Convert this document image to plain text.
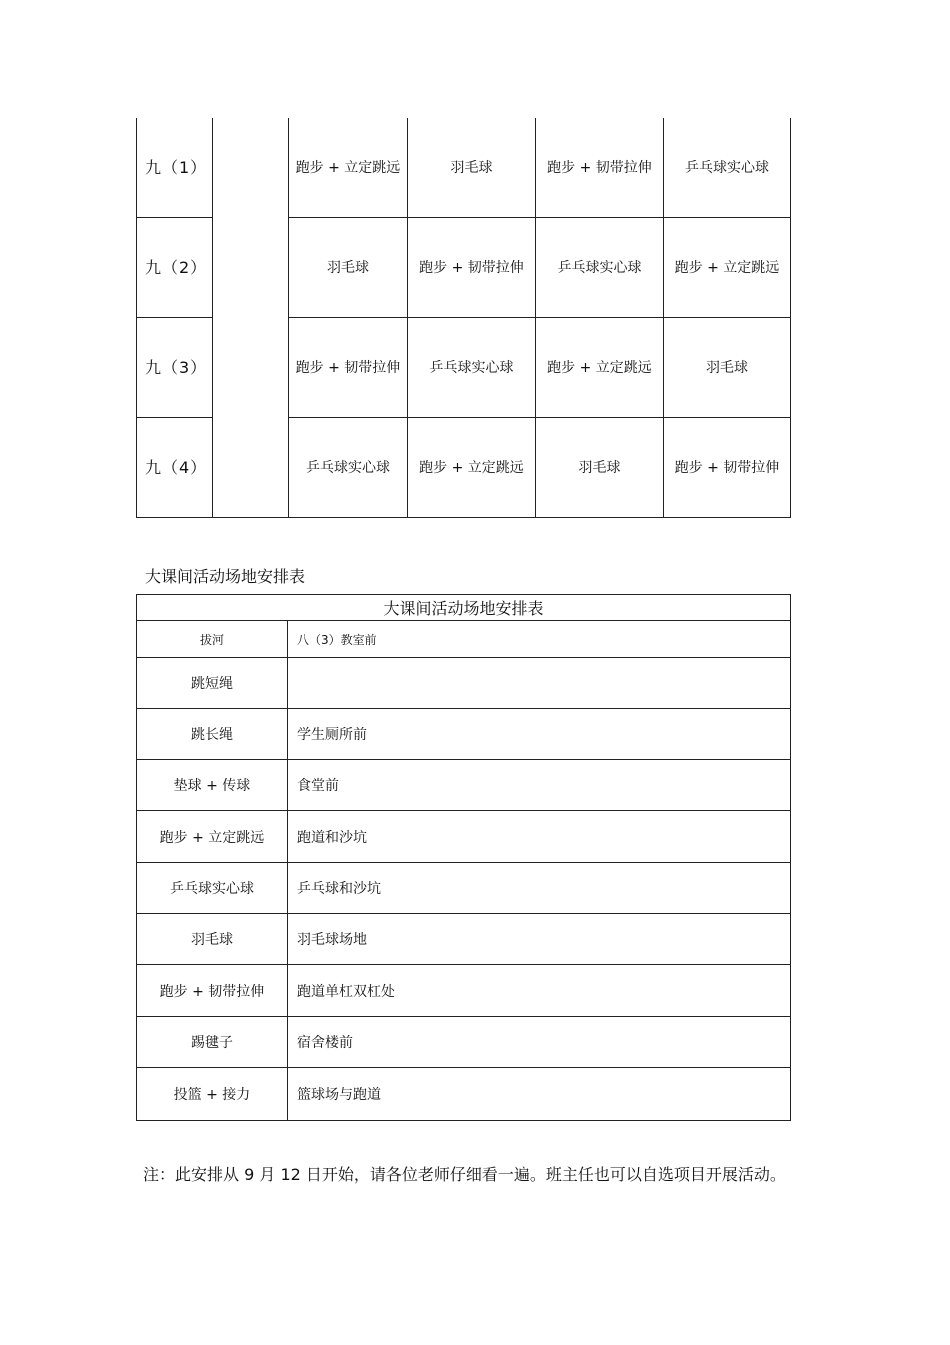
九（1）		跑步 + 立定跳远	羽毛球	跑步 + 韧带拉伸	乒乓球实心球
九（2）		羽毛球	跑步 + 韧带拉伸	乒乓球实心球	跑步 + 立定跳远
九（3）		跑步 + 韧带拉伸	乒乓球实心球	跑步 + 立定跳远	羽毛球
九（4）		乒乓球实心球	跑步 + 立定跳远	羽毛球	跑步 + 韧带拉伸
大课间活动场地安排表
大课间活动场地安排表	
拔河	八（3）教室前
跳短绳	
跳长绳	学生厕所前
垫球 + 传球	食堂前
跑步 + 立定跳远	跑道和沙坑
乒乓球实心球	乒乓球和沙坑
羽毛球	羽毛球场地
跑步 + 韧带拉伸	跑道单杠双杠处
踢毽子	宿舍楼前
投篮 + 接力	篮球场与跑道
注：此安排从 9 月 12 日开始，请各位老师仔细看一遍。班主任也可以自选项目开展活动。
